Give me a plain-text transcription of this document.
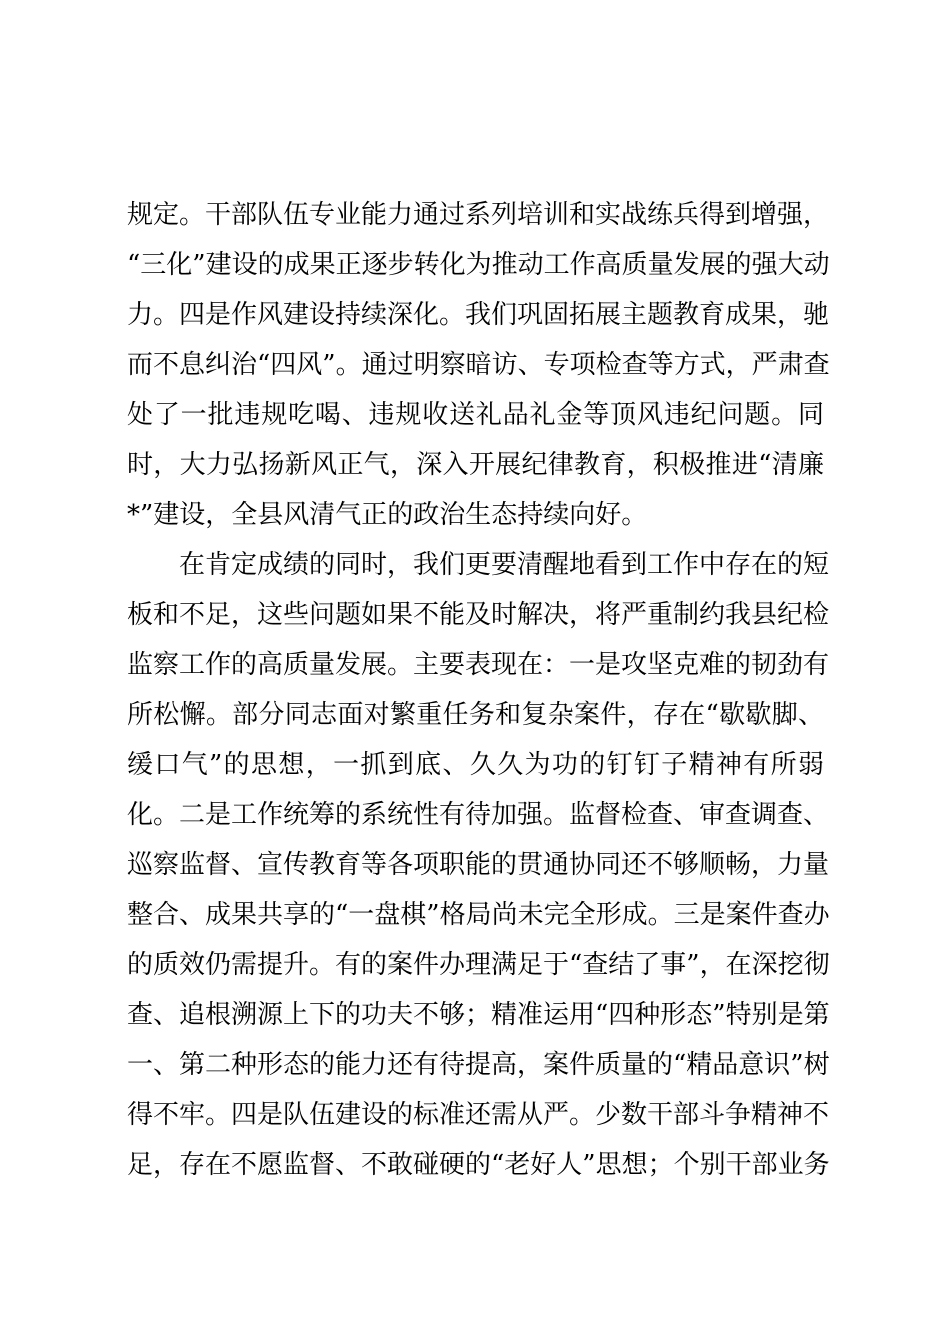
规定。干部队伍专业能力通过系列培训和实战练兵得到增强，
“三化”建设的成果正逐步转化为推动工作高质量发展的强大动
力。四是作风建设持续深化。我们巩固拓展主题教育成果，驰
而不息纠治“四风”。通过明察暗访、专项检查等方式，严肃查
处了一批违规吃喝、违规收送礼品礼金等顶风违纪问题。同
时，大力弘扬新风正气，深入开展纪律教育，积极推进“清廉
*”建设，全县风清气正的政治生态持续向好。
　　在肯定成绩的同时，我们更要清醒地看到工作中存在的短
板和不足，这些问题如果不能及时解决，将严重制约我县纪检
监察工作的高质量发展。主要表现在：一是攻坚克难的韧劲有
所松懈。部分同志面对繁重任务和复杂案件，存在“歇歇脚、
缓口气”的思想，一抓到底、久久为功的钉钉子精神有所弱
化。二是工作统筹的系统性有待加强。监督检查、审查调查、
巡察监督、宣传教育等各项职能的贯通协同还不够顺畅，力量
整合、成果共享的“一盘棋”格局尚未完全形成。三是案件查办
的质效仍需提升。有的案件办理满足于“查结了事”，在深挖彻
查、追根溯源上下的功夫不够；精准运用“四种形态”特别是第
一、第二种形态的能力还有待提高，案件质量的“精品意识”树
得不牢。四是队伍建设的标准还需从严。少数干部斗争精神不
足，存在不愿监督、不敢碰硬的“老好人”思想；个别干部业务
